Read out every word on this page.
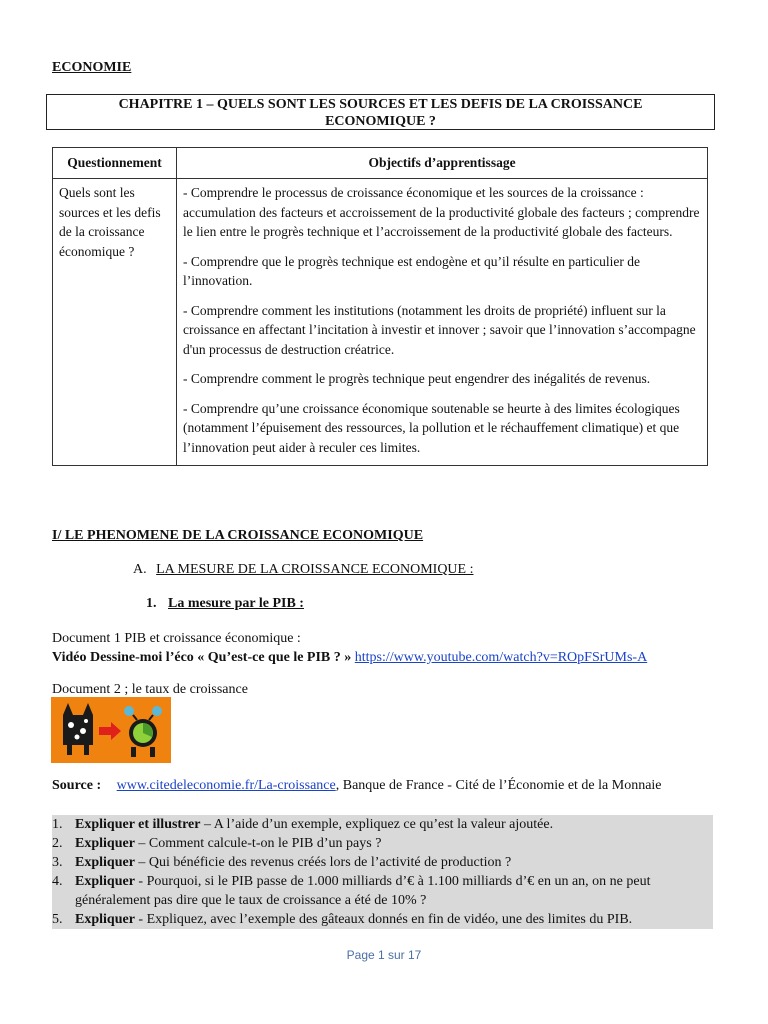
ECONOMIE
CHAPITRE 1 – QUELS SONT LES SOURCES ET LES DEFIS DE LA CROISSANCE
ECONOMIQUE ?
Questionnement	Objectifs d’apprentissage
Quels sont les sources et les defis de la croissance économique ?	- Comprendre le processus de croissance économique et les sources de la croissance : accumulation des facteurs et accroissement de la productivité globale des facteurs ; comprendre le lien entre le progrès technique et l’accroissement de la productivité globale des facteurs.
- Comprendre que le progrès technique est endogène et qu’il résulte en particulier de l’innovation.
- Comprendre comment les institutions (notamment les droits de propriété) influent sur la croissance en affectant l’incitation à investir et innover ; savoir que l’innovation s’accompagne d'un processus de destruction créatrice.
- Comprendre comment le progrès technique peut engendrer des inégalités de revenus.
- Comprendre qu’une croissance économique soutenable se heurte à des limites écologiques (notamment l’épuisement des ressources, la pollution et le réchauffement climatique) et que l’innovation peut aider à reculer ces limites.
I/ LE PHENOMENE DE LA CROISSANCE ECONOMIQUE
A. LA MESURE DE LA CROISSANCE ECONOMIQUE :
1. La mesure par le PIB :
Document 1 PIB et croissance économique :
Vidéo Dessine-moi l’éco « Qu’est-ce que le PIB ? » https://www.youtube.com/watch?v=ROpFSrUMs-A
Document 2 ; le taux de croissance
Source : www.citedeleconomie.fr/La-croissance, Banque de France - Cité de l’Économie et de la Monnaie
1. Expliquer et illustrer – A l’aide d’un exemple, expliquez ce qu’est la valeur ajoutée.
2. Expliquer – Comment calcule-t-on le PIB d’un pays ?
3. Expliquer – Qui bénéficie des revenus créés lors de l’activité de production ?
4. Expliquer - Pourquoi, si le PIB passe de 1.000 milliards d’€ à 1.100 milliards d’€ en un an, on ne peut généralement pas dire que le taux de croissance a été de 10% ?
5. Expliquer - Expliquez, avec l’exemple des gâteaux donnés en fin de vidéo, une des limites du PIB.
Page 1 sur 17
